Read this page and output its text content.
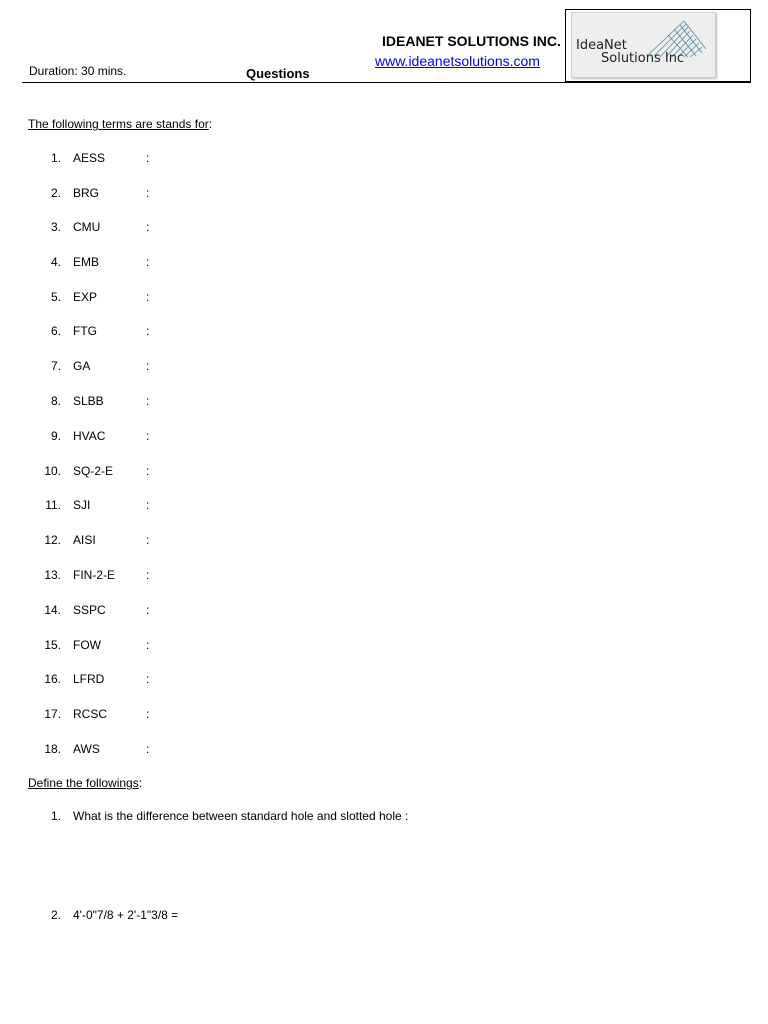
IDEANET SOLUTIONS INC.
www.ideanetsolutions.com
Duration: 30 mins.	Questions
IdeaNet
Solutions Inc
The following terms are stands for:
1. AESS	:
2. BRG	:
3. CMU	:
4. EMB	:
5. EXP	:
6. FTG	:
7. GA	:
8. SLBB	:
9. HVAC	:
10. SQ-2-E	:
11. SJI	:
12. AISI	:
13. FIN-2-E	:
14. SSPC	:
15. FOW	:
16. LFRD	:
17. RCSC	:
18. AWS	:
Define the followings:
1. What is the difference between standard hole and slotted hole :
2. 4'-0"7/8 + 2'-1"3/8 =
